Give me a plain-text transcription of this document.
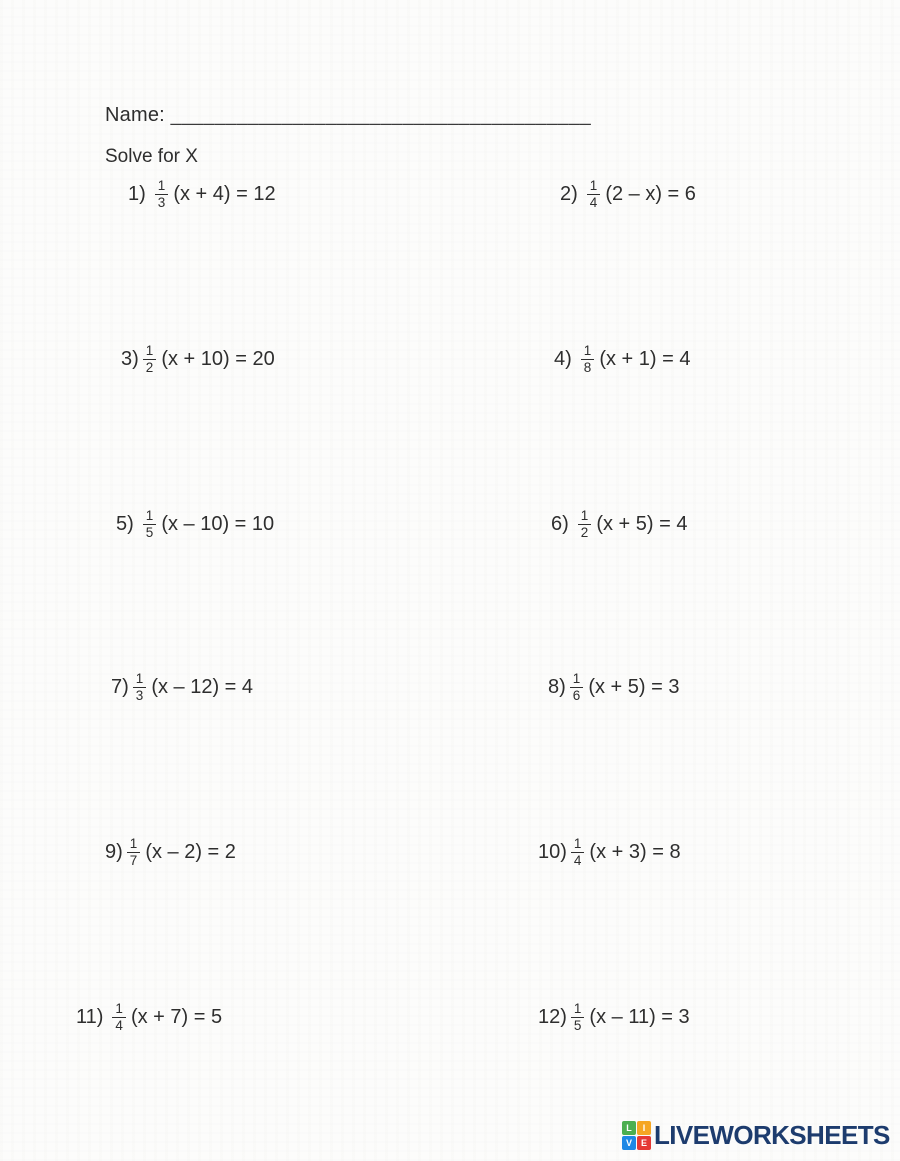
Name: ______________________________________
Solve for X
$1) \frac{1}{3} (x + 4) = 12$	$2) \frac{1}{4} (2 - x) = 6$
$3) \frac{1}{2} (x + 10) = 20$	$4) \frac{1}{8} (x + 1) = 4$
$5) \frac{1}{5} (x - 10) = 10$	$6) \frac{1}{2} (x + 5) = 4$
$7) \frac{1}{3} (x - 12) = 4$	$8) \frac{1}{6} (x + 5) = 3$
$9) \frac{1}{7} (x - 2) = 2$	$10) \frac{1}{4} (x + 3) = 8$
$11) \frac{1}{4} (x + 7) = 5$	$12) \frac{1}{5} (x - 11) = 3$
L	I
V E LIVEWORKSHEETS
